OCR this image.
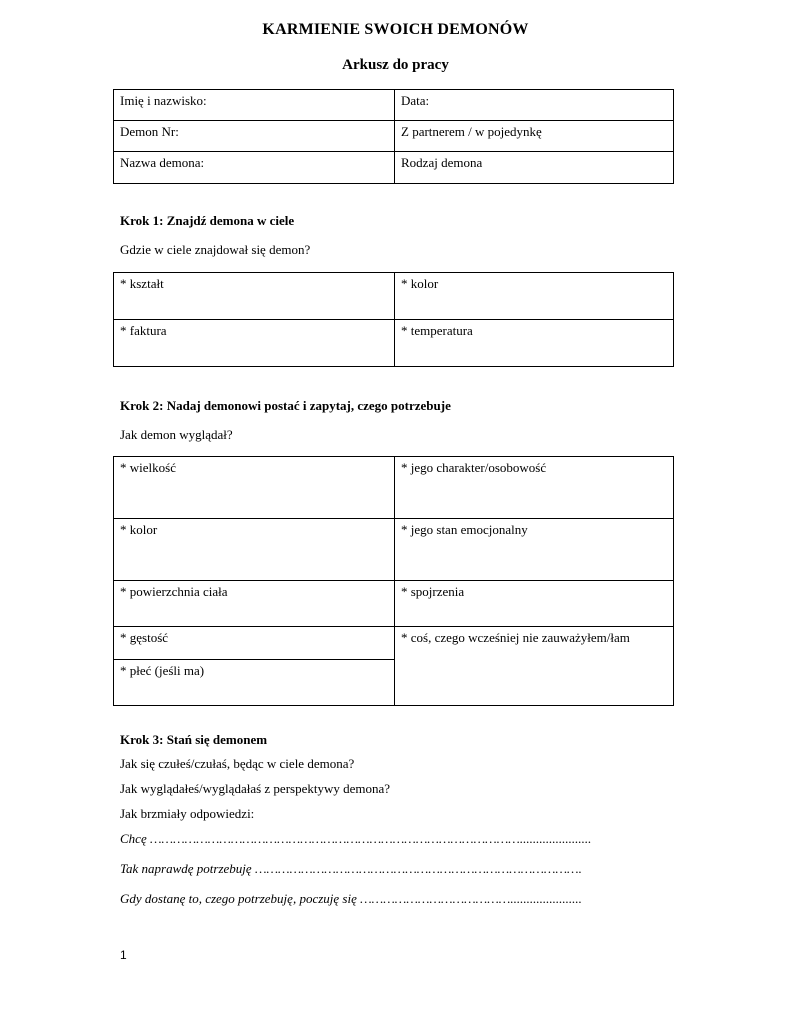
KARMIENIE SWOICH DEMONÓW
Arkusz do pracy
Imię i nazwisko:	Data:
Demon Nr:	Z partnerem / w pojedynkę
Nazwa demona:	Rodzaj demona
Krok 1: Znajdź demona w ciele
Gdzie w ciele znajdował się demon?
* kształt	* kolor
* faktura	* temperatura
Krok 2: Nadaj demonowi postać i zapytaj, czego potrzebuje
Jak demon wyglądał?
* wielkość	* jego charakter/osobowość
* kolor	* jego stan emocjonalny
* powierzchnia ciała	* spojrzenia
* gęstość	* coś, czego wcześniej nie zauważyłem/łam
* płeć (jeśli ma)	
Krok 3: Stań się demonem
Jak się czułeś/czułaś, będąc w ciele demona?
Jak wyglądałeś/wyglądałaś z perspektywy demona?
Jak brzmiały odpowiedzi:
Chcę ……………………………………………………………………………………......................
Tak naprawdę potrzebuję ………………………………………………………………………….
Gdy dostanę to, czego potrzebuję, poczuję się …………………………………......................
1
